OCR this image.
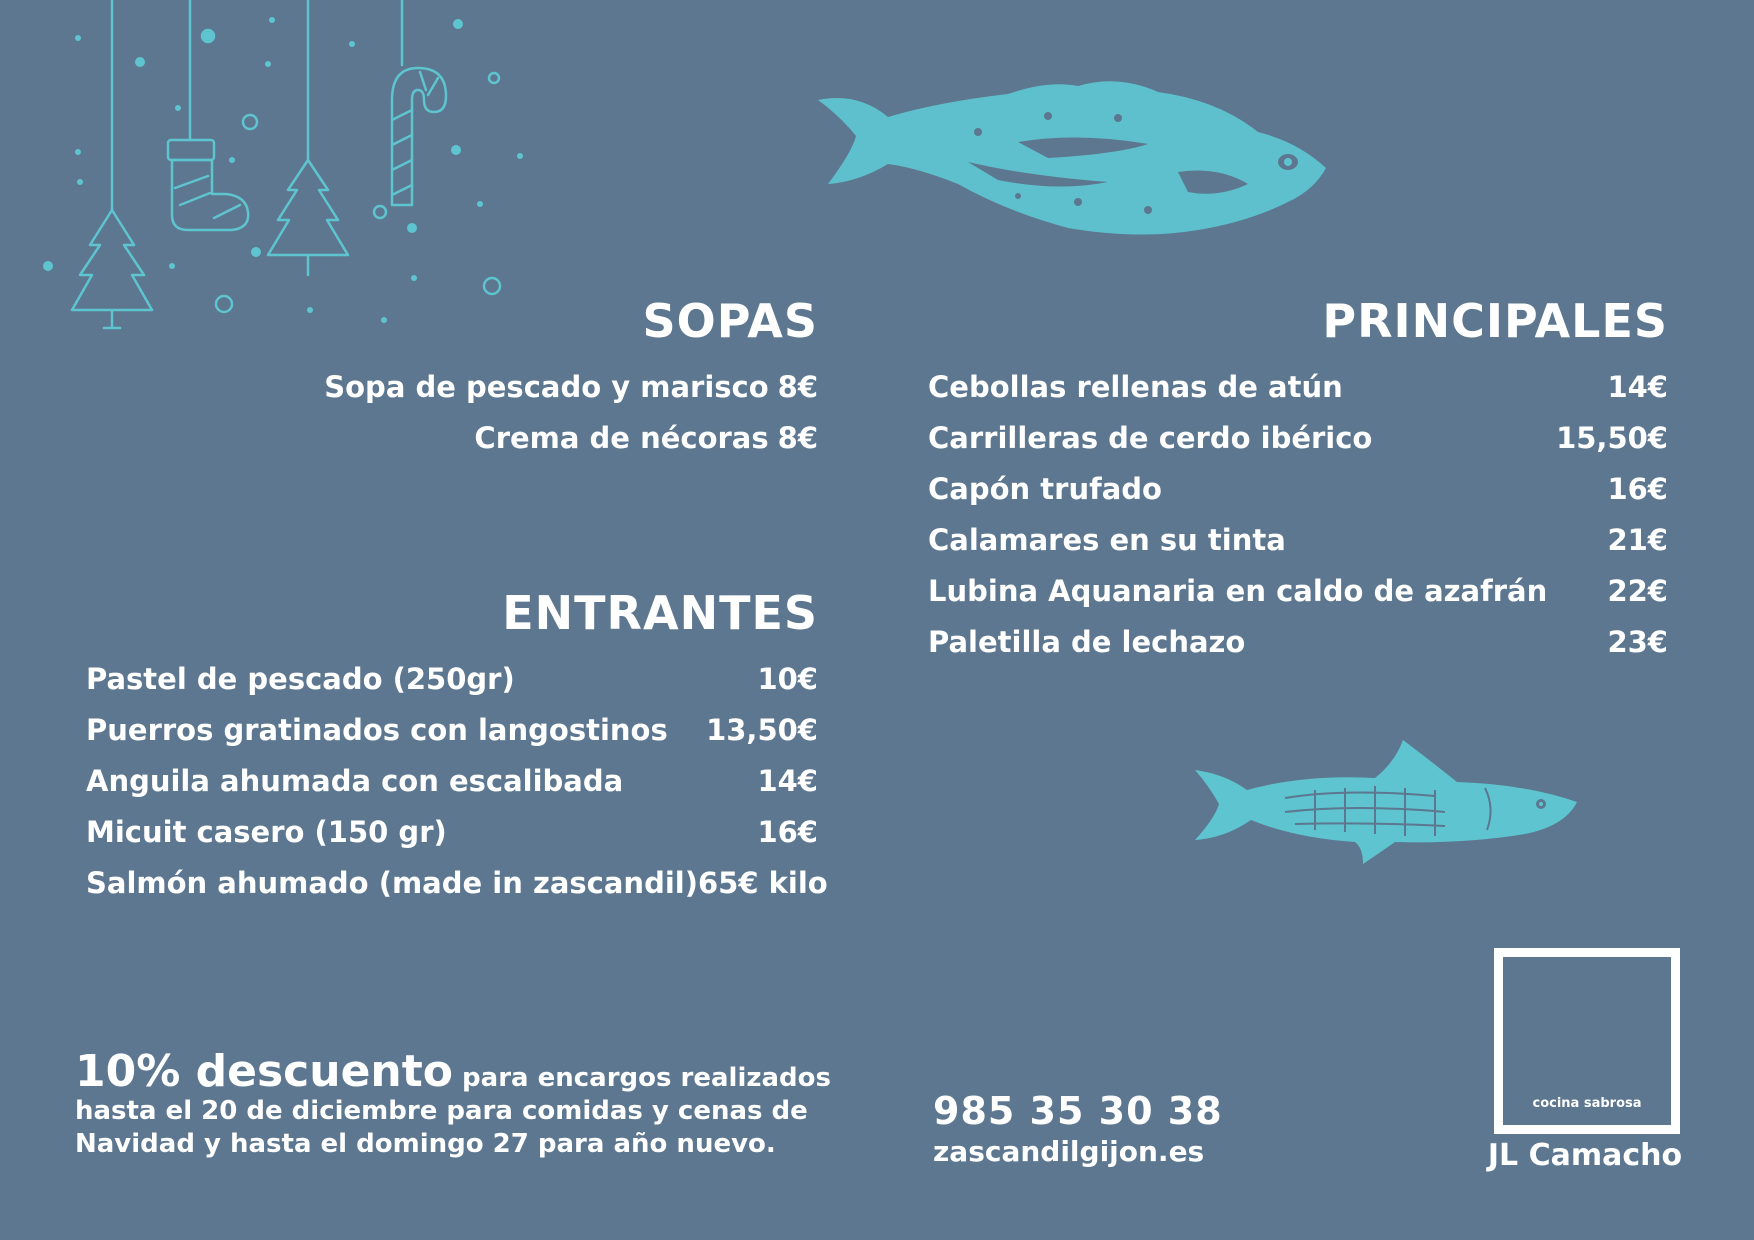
SOPAS
Sopa de pescado y marisco 8€
Crema de nécoras 8€
ENTRANTES
Pastel de pescado (250gr)	10€
Puerros gratinados con langostinos	13,50€
Anguila ahumada con escalibada	14€
Micuit casero (150 gr)	16€
Salmón ahumado (made in zascandil) 65€ kilo
PRINCIPALES
Cebollas rellenas de atún	14€
Carrilleras de cerdo ibérico	15,50€
Capón trufado	16€
Calamares en su tinta	21€
Lubina Aquanaria en caldo de azafrán	22€
Paletilla de lechazo	23€
10% descuento para encargos realizados
hasta el 20 de diciembre para comidas y cenas de
Navidad y hasta el domingo 27 para año nuevo.
985 35 30 38
zascandilgijon.es
cocina sabrosa
JL Camacho
